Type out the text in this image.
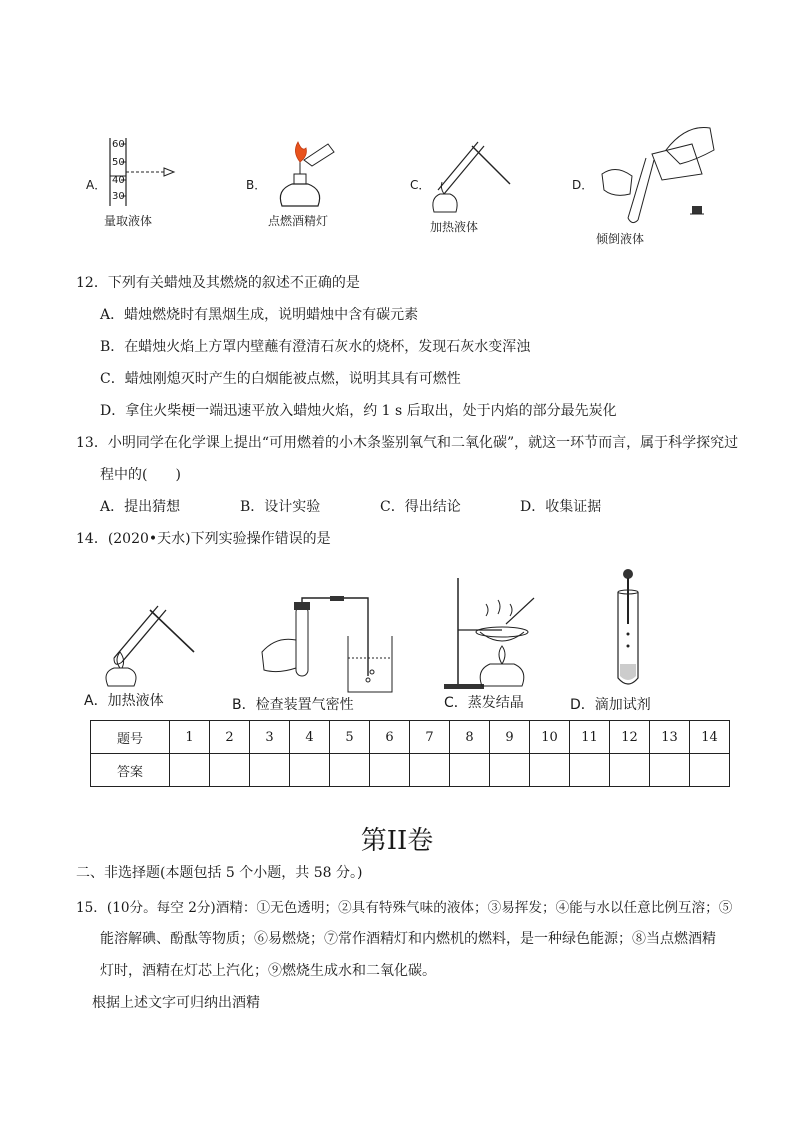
A．
60
50
40
30
量取液体
B．
点燃酒精灯
C．
加热液体
D．
倾倒液体
12．下列有关蜡烛及其燃烧的叙述不正确的是
A．蜡烛燃烧时有黑烟生成，说明蜡烛中含有碳元素
B．在蜡烛火焰上方罩内壁蘸有澄清石灰水的烧杯，发现石灰水变浑浊
C．蜡烛刚熄灭时产生的白烟能被点燃，说明其具有可燃性
D．拿住火柴梗一端迅速平放入蜡烛火焰，约 1 s 后取出，处于内焰的部分最先炭化
13．小明同学在化学课上提出“可用燃着的小木条鉴别氧气和二氧化碳”，就这一环节而言，属于科学探究过
程中的(　　)
A．提出猜想	B．设计实验	C．得出结论	D．收集证据
14．(2020•天水)下列实验操作错误的是
A．加热液体	B．检查装置气密性	C．蒸发结晶	D．滴加试剂
题号	1	2	3	4	5	6	7	8	9	10	11	12	13	14
答案														
第II卷
二、非选择题(本题包括 5 个小题，共 58 分。)
15．(10分。每空 2分)酒精：①无色透明；②具有特殊气味的液体；③易挥发；④能与水以任意比例互溶；⑤
能溶解碘、酚酞等物质；⑥易燃烧；⑦常作酒精灯和内燃机的燃料，是一种绿色能源；⑧当点燃酒精
灯时，酒精在灯芯上汽化；⑨燃烧生成水和二氧化碳。
根据上述文字可归纳出酒精
